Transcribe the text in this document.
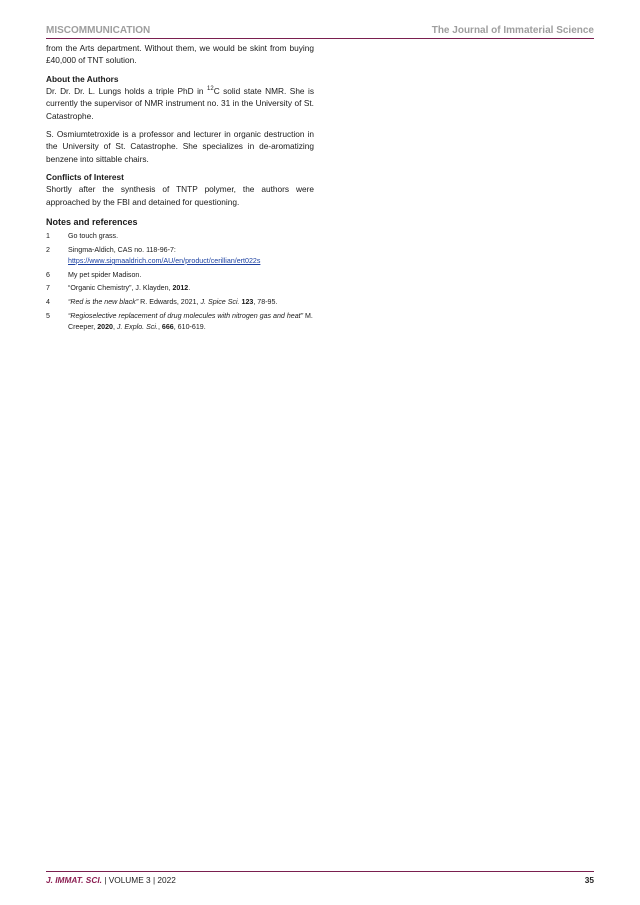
MISCOMMUNICATION	The Journal of Immaterial Science

from the Arts department. Without them, we would be skint from buying £40,000 of TNT solution.

About the Authors

Dr. Dr. Dr. L. Lungs holds a triple PhD in $^{12}$C solid state NMR. She is currently the supervisor of NMR instrument no. 31 in the University of St. Catastrophe.

S. Osmiumtetroxide is a professor and lecturer in organic destruction in the University of St. Catastrophe. She specializes in de-aromatizing benzene into sittable chairs.

Conflicts of Interest

Shortly after the synthesis of TNTP polymer, the authors were approached by the FBI and detained for questioning.

Notes and references
1	Go touch grass.
2	Singma-Aldich, CAS no. 118-96-7:
https://www.sigmaaldrich.com/AU/en/product/cerillian/ert022s
6	My pet spider Madison.
7	“Organic Chemistry”, J. Klayden, 2012.
4	“Red is the new black” R. Edwards, 2021, J. Spice Sci. 123, 78-95.
5	“Regioselective replacement of drug molecules with nitrogen gas and heat” M. Creeper, 2020, J. Explo. Sci., 666, 610-619.
J. IMMAT. SCI. | VOLUME 3 | 2022	35
